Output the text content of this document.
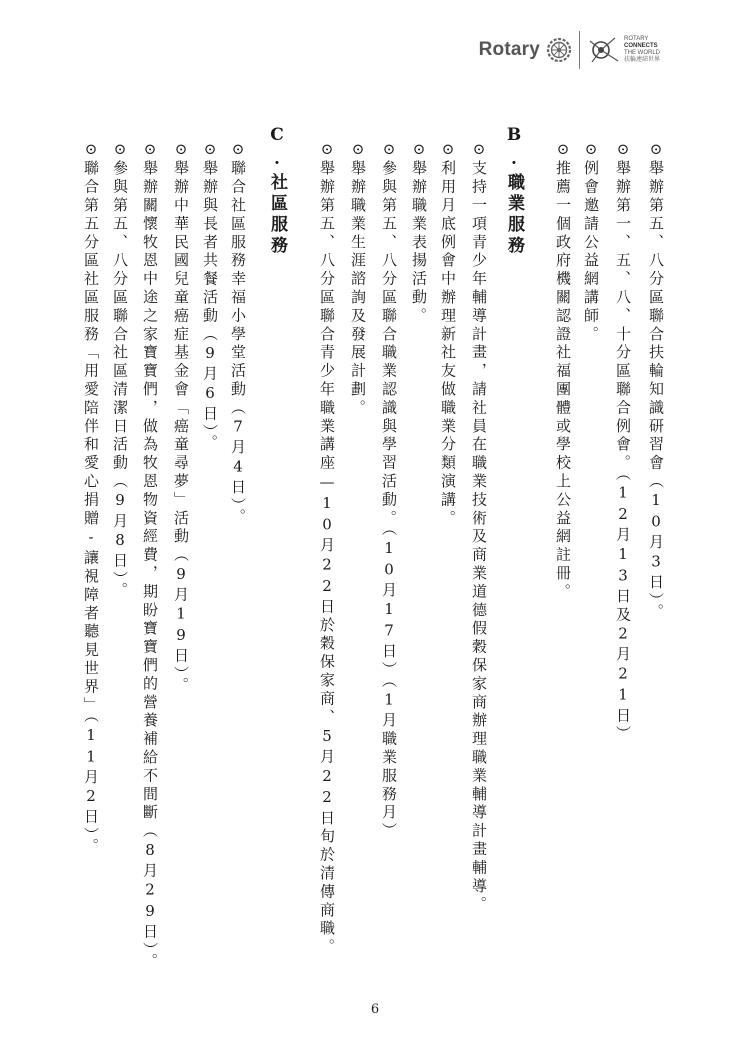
Rotary	ROTARY
CONNECTS
THE WORLD
扶輪連結世界
⊙舉辦第五、八分區聯合扶輪知識研習會（10月3日）。
⊙舉辦第一、五、八、十分區聯合例會。（12月13日及2月21日）
⊙例會邀請公益網講師。
⊙推薦一個政府機關認證社福團體或學校上公益網註冊。
B.職業服務
⊙支持一項青少年輔導計畫，請社員在職業技術及商業道德假穀保家商辦理職業輔導計畫輔導。
⊙利用月底例會中辦理新社友做職業分類演講。
⊙舉辦職業表揚活動。
⊙參與第五、八分區聯合職業認識與學習活動。（10月17日）（1月職業服務月）
⊙舉辦職業生涯諮詢及發展計劃。
⊙舉辦第五、八分區聯合青少年職業講座—10月22日於穀保家商、5月22日旬於清傳商職。
C.社區服務
⊙聯合社區服務幸福小學堂活動（7月4日）。
⊙舉辦與長者共餐活動（9月6日）。
⊙舉辦中華民國兒童癌症基金會「癌童尋夢」活動（9月19日）。
⊙舉辦關懷牧恩中途之家寶寶們，做為牧恩物資經費，期盼寶寶們的營養補給不間斷（8月29日）。
⊙參與第五、八分區聯合社區清潔日活動（9月8日）。
⊙聯合第五分區社區服務「用愛陪伴和愛心捐贈-讓視障者聽見世界」（11月2日）。
6
